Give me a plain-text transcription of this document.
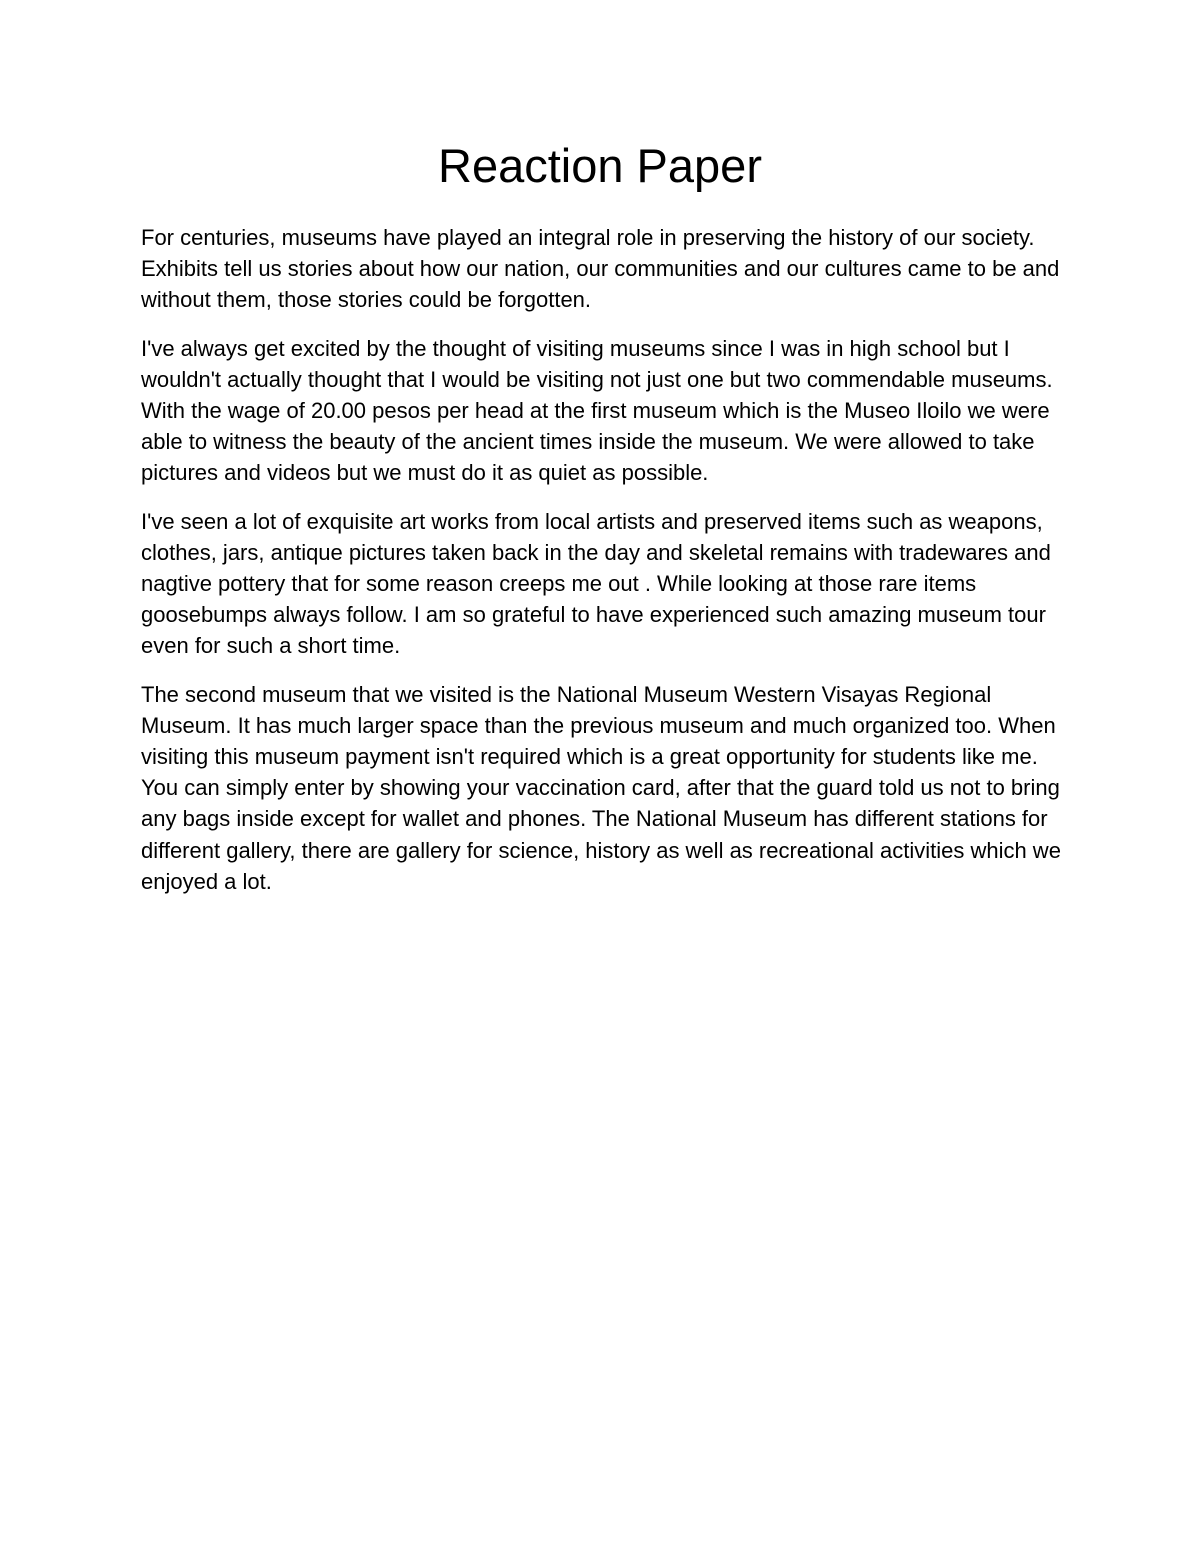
Reaction Paper

For centuries, museums have played an integral role in preserving the history of our society. Exhibits tell us stories about how our nation, our communities and our cultures came to be and without them, those stories could be forgotten.

I've always get excited by the thought of visiting museums since I was in high school but I wouldn't actually thought that I would be visiting not just one but two commendable museums. With the wage of 20.00 pesos per head at the first museum which is the Museo Iloilo we were able to witness the beauty of the ancient times inside the museum. We were allowed to take pictures and videos but we must do it as quiet as possible.

I've seen a lot of exquisite art works from local artists and preserved items such as weapons, clothes, jars, antique pictures taken back in the day and skeletal remains with tradewares and nagtive pottery that for some reason creeps me out . While looking at those rare items goosebumps always follow. I am so grateful to have experienced such amazing museum tour even for such a short time.

The second museum that we visited is the National Museum Western Visayas Regional Museum. It has much larger space than the previous museum and much organized too. When visiting this museum payment isn't required which is a great opportunity for students like me. You can simply enter by showing your vaccination card, after that the guard told us not to bring any bags inside except for wallet and phones. The National Museum has different stations for different gallery, there are gallery for science, history as well as recreational activities which we enjoyed a lot.
